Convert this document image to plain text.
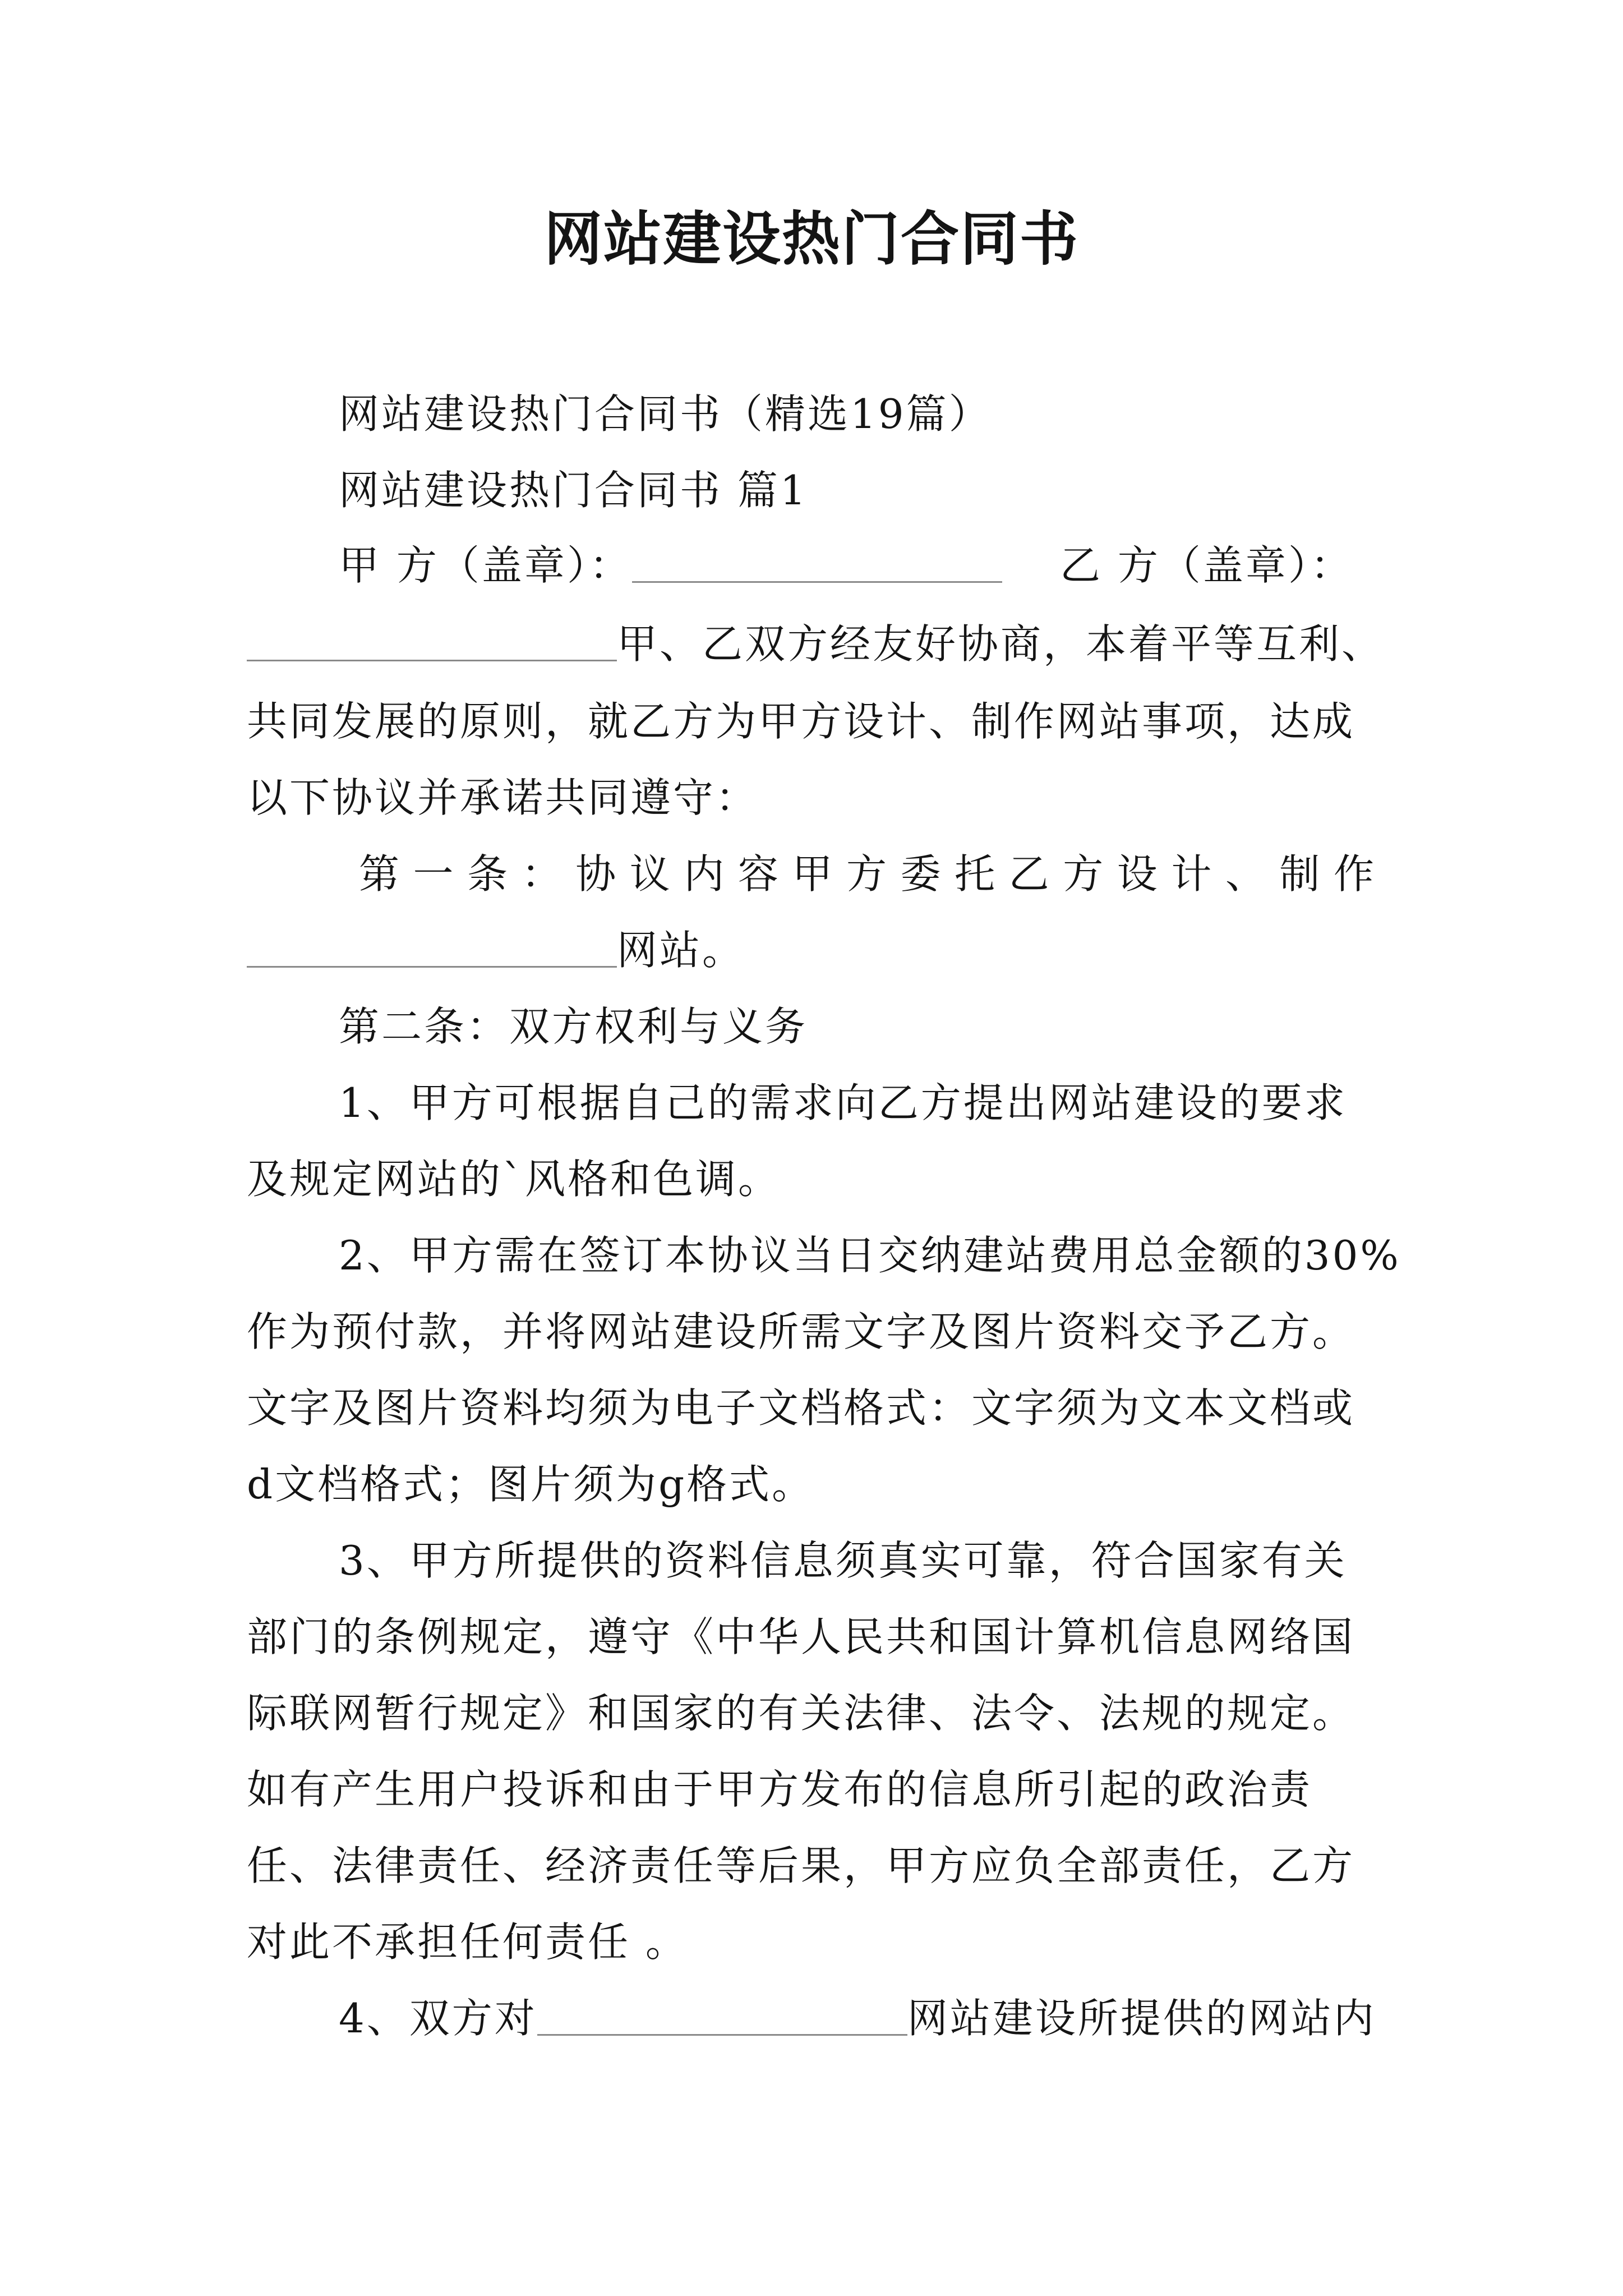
网站建设热门合同书
网站建设热门合同书（精选19篇）
网站建设热门合同书 篇1
甲 方（盖章）：	乙 方（盖章）：
甲、乙双方经友好协商，本着平等互利、
共同发展的原则，就乙方为甲方设计、制作网站事项，达成
以下协议并承诺共同遵守：
第一条：协议内容甲方委托乙方设计、制作
网站。
第二条：双方权利与义务
1、甲方可根据自己的需求向乙方提出网站建设的要求
及规定网站的`风格和色调。
2、甲方需在签订本协议当日交纳建站费用总金额的30%
作为预付款，并将网站建设所需文字及图片资料交予乙方。
文字及图片资料均须为电子文档格式：文字须为文本文档或
d文档格式；图片须为g格式。
3、甲方所提供的资料信息须真实可靠，符合国家有关
部门的条例规定，遵守《中华人民共和国计算机信息网络国
际联网暂行规定》和国家的有关法律、法令、法规的规定。
如有产生用户投诉和由于甲方发布的信息所引起的政治责
任、法律责任、经济责任等后果，甲方应负全部责任，乙方
对此不承担任何责任 。
4、双方对	网站建设所提供的网站内
